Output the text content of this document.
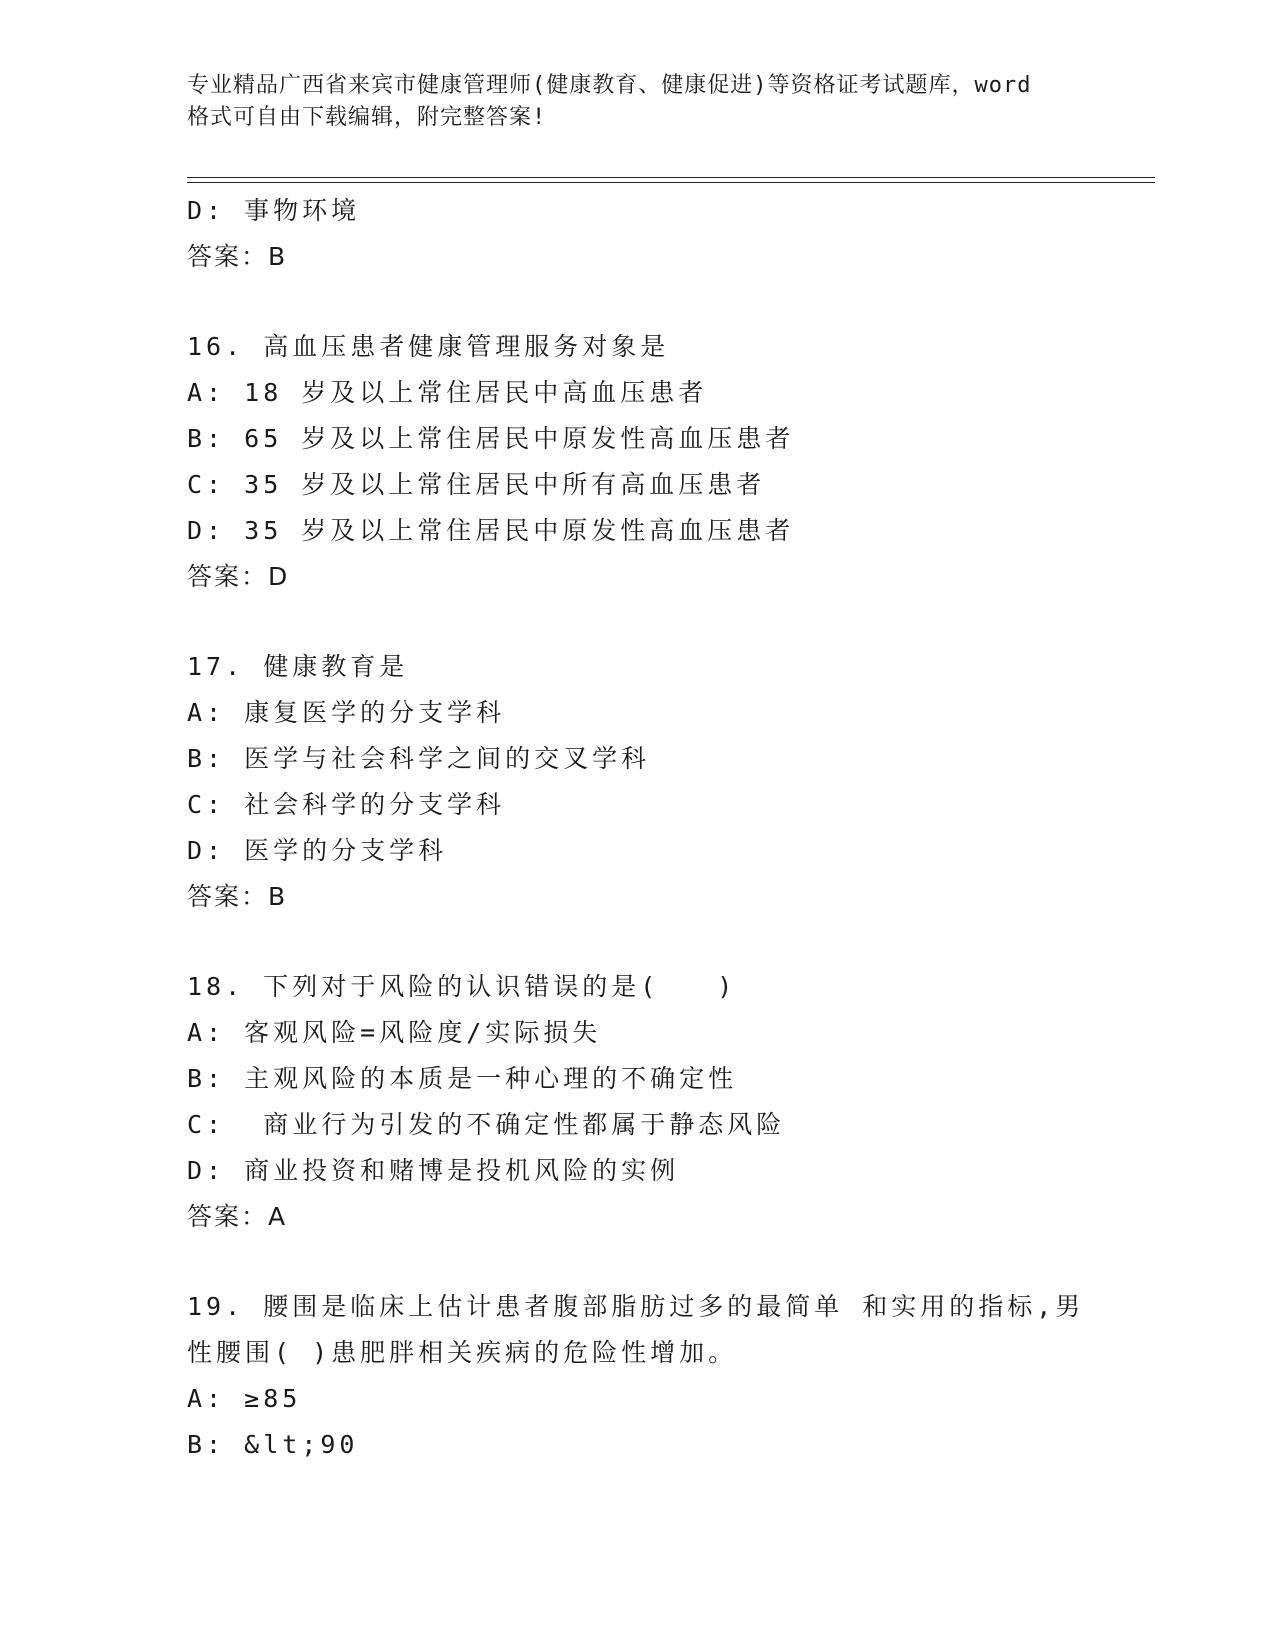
专业精品广西省来宾市健康管理师(健康教育、健康促进)等资格证考试题库，word
格式可自由下载编辑，附完整答案!
D: 事物环境
答案：B
16. 高血压患者健康管理服务对象是
A: 18 岁及以上常住居民中高血压患者
B: 65 岁及以上常住居民中原发性高血压患者
C: 35 岁及以上常住居民中所有高血压患者
D: 35 岁及以上常住居民中原发性高血压患者
答案：D
17. 健康教育是
A: 康复医学的分支学科
B: 医学与社会科学之间的交叉学科
C: 社会科学的分支学科
D: 医学的分支学科
答案：B
18. 下列对于风险的认识错误的是(　　)
A: 客观风险=风险度/实际损失
B: 主观风险的本质是一种心理的不确定性
C:  商业行为引发的不确定性都属于静态风险
D: 商业投资和赌博是投机风险的实例
答案：A
19. 腰围是临床上估计患者腹部脂肪过多的最简单 和实用的指标,男
性腰围( )患肥胖相关疾病的危险性增加。
A: ≥85
B: &lt;90
